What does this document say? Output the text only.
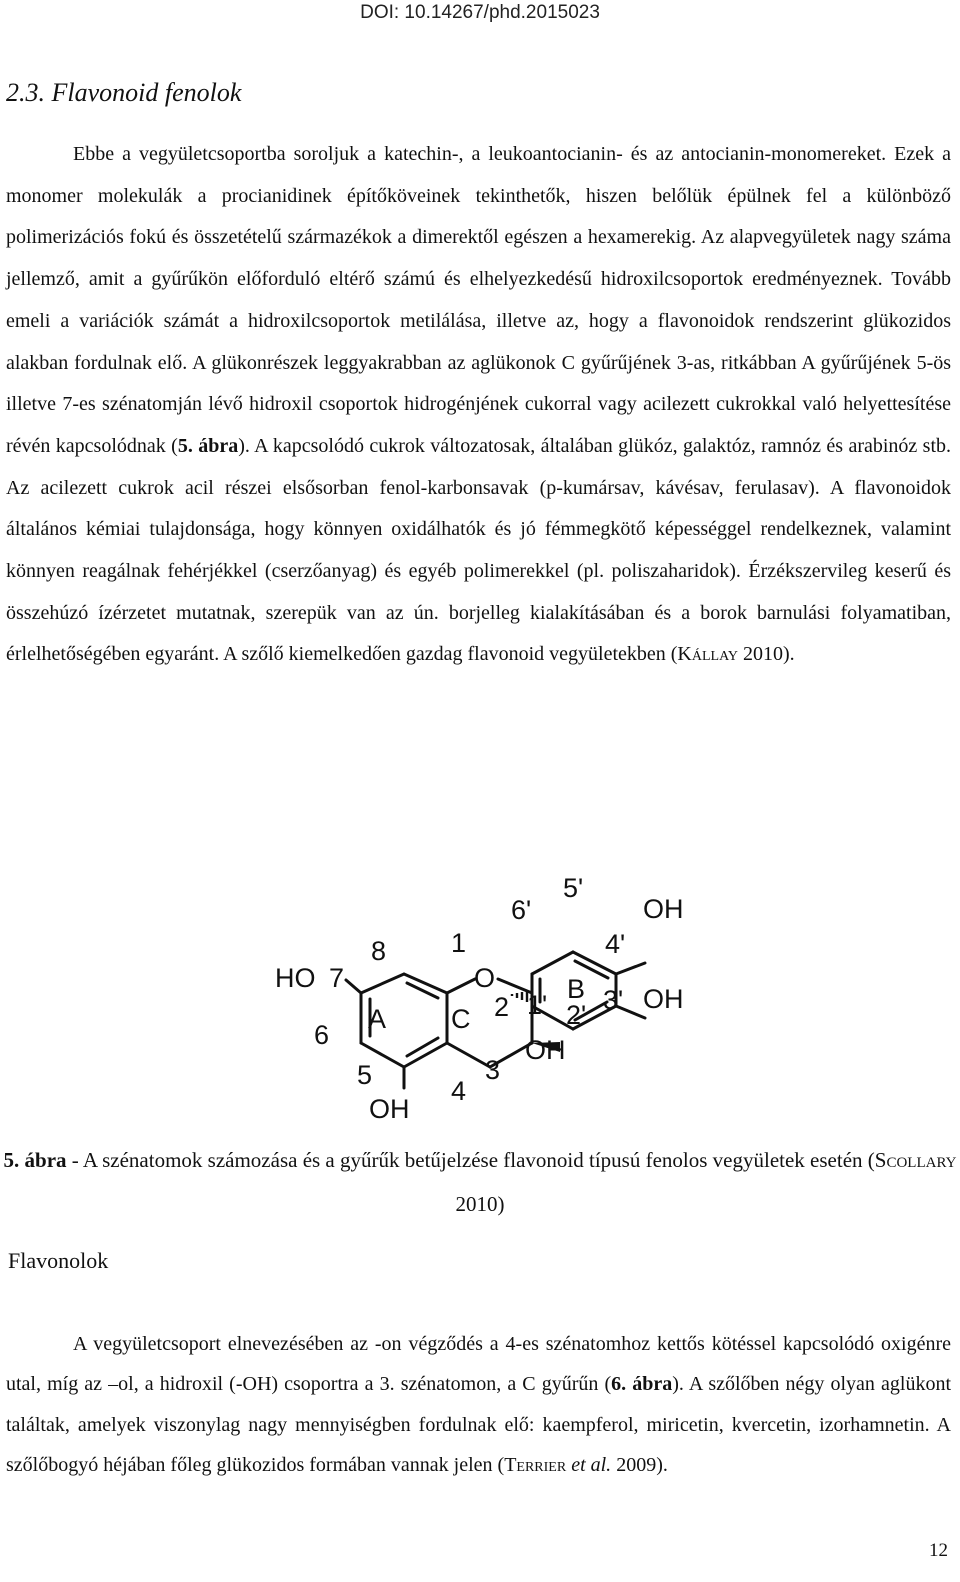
DOI: 10.14267/phd.2015023
2.3. Flavonoid fenolok

Ebbe a vegyületcsoportba soroljuk a katechin-, a leukoantocianin- és az antocianin-monomereket. Ezek a monomer molekulák a procianidinek építőköveinek tekinthetők, hiszen belőlük épülnek fel a különböző polimerizációs fokú és összetételű származékok a dimerektől egészen a hexamerekig. Az alapvegyületek nagy száma jellemző, amit a gyűrűkön előforduló eltérő számú és elhelyezkedésű hidroxilcsoportok eredményeznek. Tovább emeli a variációk számát a hidroxilcsoportok metilálása, illetve az, hogy a flavonoidok rendszerint glükozidos alakban fordulnak elő. A glükonrészek leggyakrabban az aglükonok C gyűrűjének 3-as, ritkábban A gyűrűjének 5-ös illetve 7-es szénatomján lévő hidroxil csoportok hidrogénjének cukorral vagy acilezett cukrokkal való helyettesítése révén kapcsolódnak (5. ábra). A kapcsolódó cukrok változatosak, általában glükóz, galaktóz, ramnóz és arabinóz stb. Az acilezett cukrok acil részei elsősorban fenol-karbonsavak (p-kumársav, kávésav, ferulasav). A flavonoidok általános kémiai tulajdonsága, hogy könnyen oxidálhatók és jó fémmegkötő képességgel rendelkeznek, valamint könnyen reagálnak fehérjékkel (cserzőanyag) és egyéb polimerekkel (pl. poliszaharidok). Érzékszervileg keserű és összehúzó ízérzetet mutatnak, szerepük van az ún. borjelleg kialakításában és a borok barnulási folyamatiban, érlelhetőségében egyaránt. A szőlő kiemelkedően gazdag flavonoid vegyületekben (Kállay 2010).

HO 7
8 1
O
2
6
5
OH
4
3
OH
A C
B
1' 2' 3'
4'
5'
6'
OH
OH

5. ábra - A szénatomok számozása és a gyűrűk betűjelzése flavonoid típusú fenolos vegyületek esetén (Scollary 2010)

Flavonolok

A vegyületcsoport elnevezésében az -on végződés a 4-es szénatomhoz kettős kötéssel kapcsolódó oxigénre utal, míg az –ol, a hidroxil (-OH) csoportra a 3. szénatomon, a C gyűrűn (6. ábra). A szőlőben négy olyan aglükont találtak, amelyek viszonylag nagy mennyiségben fordulnak elő: kaempferol, miricetin, kvercetin, izorhamnetin. A szőlőbogyó héjában főleg glükozidos formában vannak jelen (Terrier et al. 2009).

12
